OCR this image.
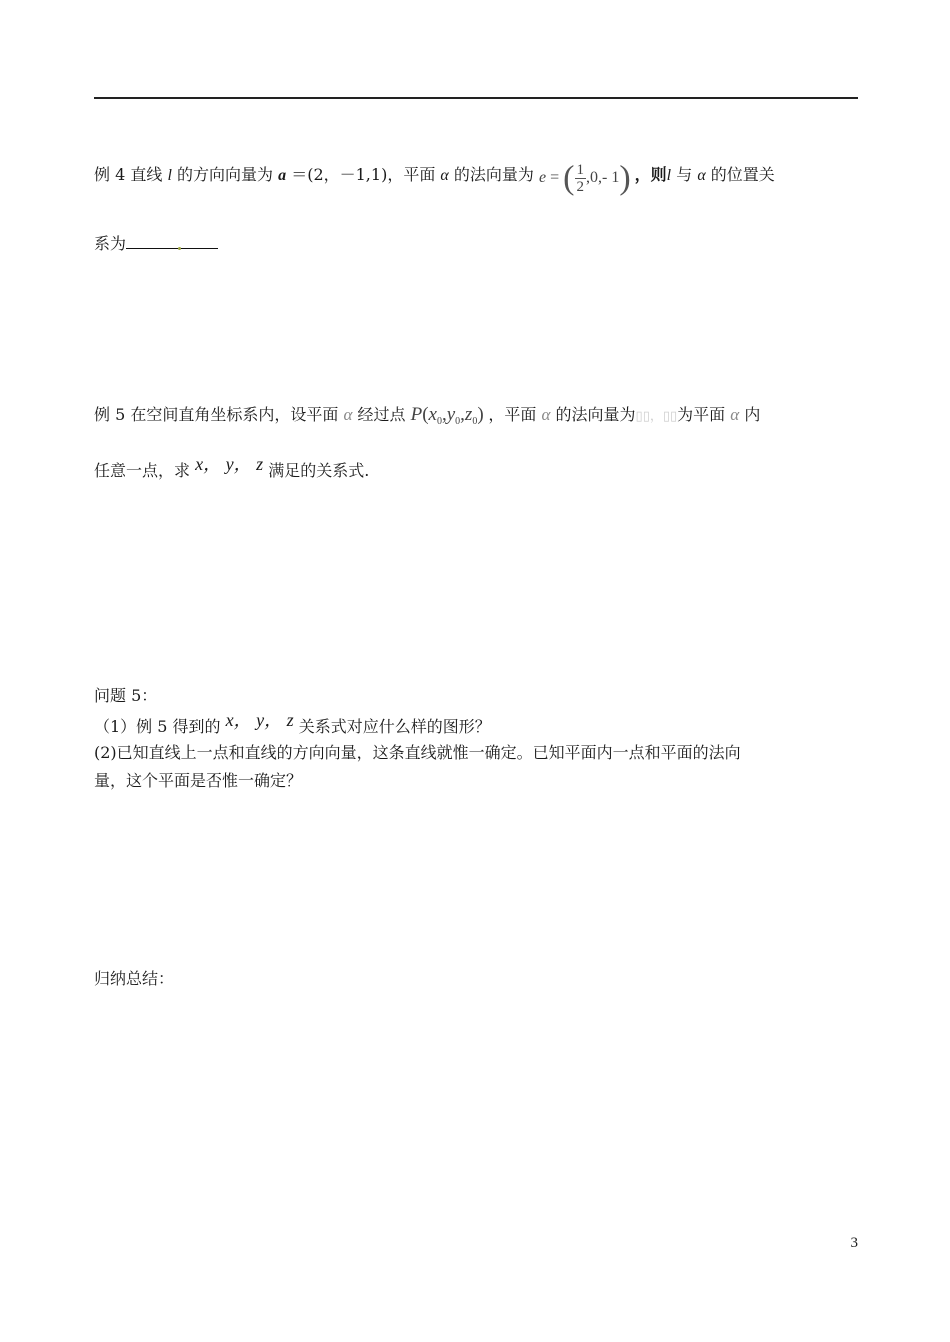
例 4 直线 l 的方向向量为 a ＝(2，－1,1)，平面 α 的法向量为 e = ( $\frac{1}{2} ,0,-$ 1) ，则l 与 α 的位置关
系为
例 5 在空间直角坐标系内，设平面 α 经过点 $P(x_0,y_0,z_0)$ ，平面 α 的法向量为▯▯，▯▯为平面 α 内
任意一点，求 x， y， z 满足的关系式.
问题 5：
（1）例 5 得到的 x， y， z 关系式对应什么样的图形？
(2)已知直线上一点和直线的方向向量，这条直线就惟一确定。已知平面内一点和平面的法向
量，这个平面是否惟一确定？
归纳总结：
3
